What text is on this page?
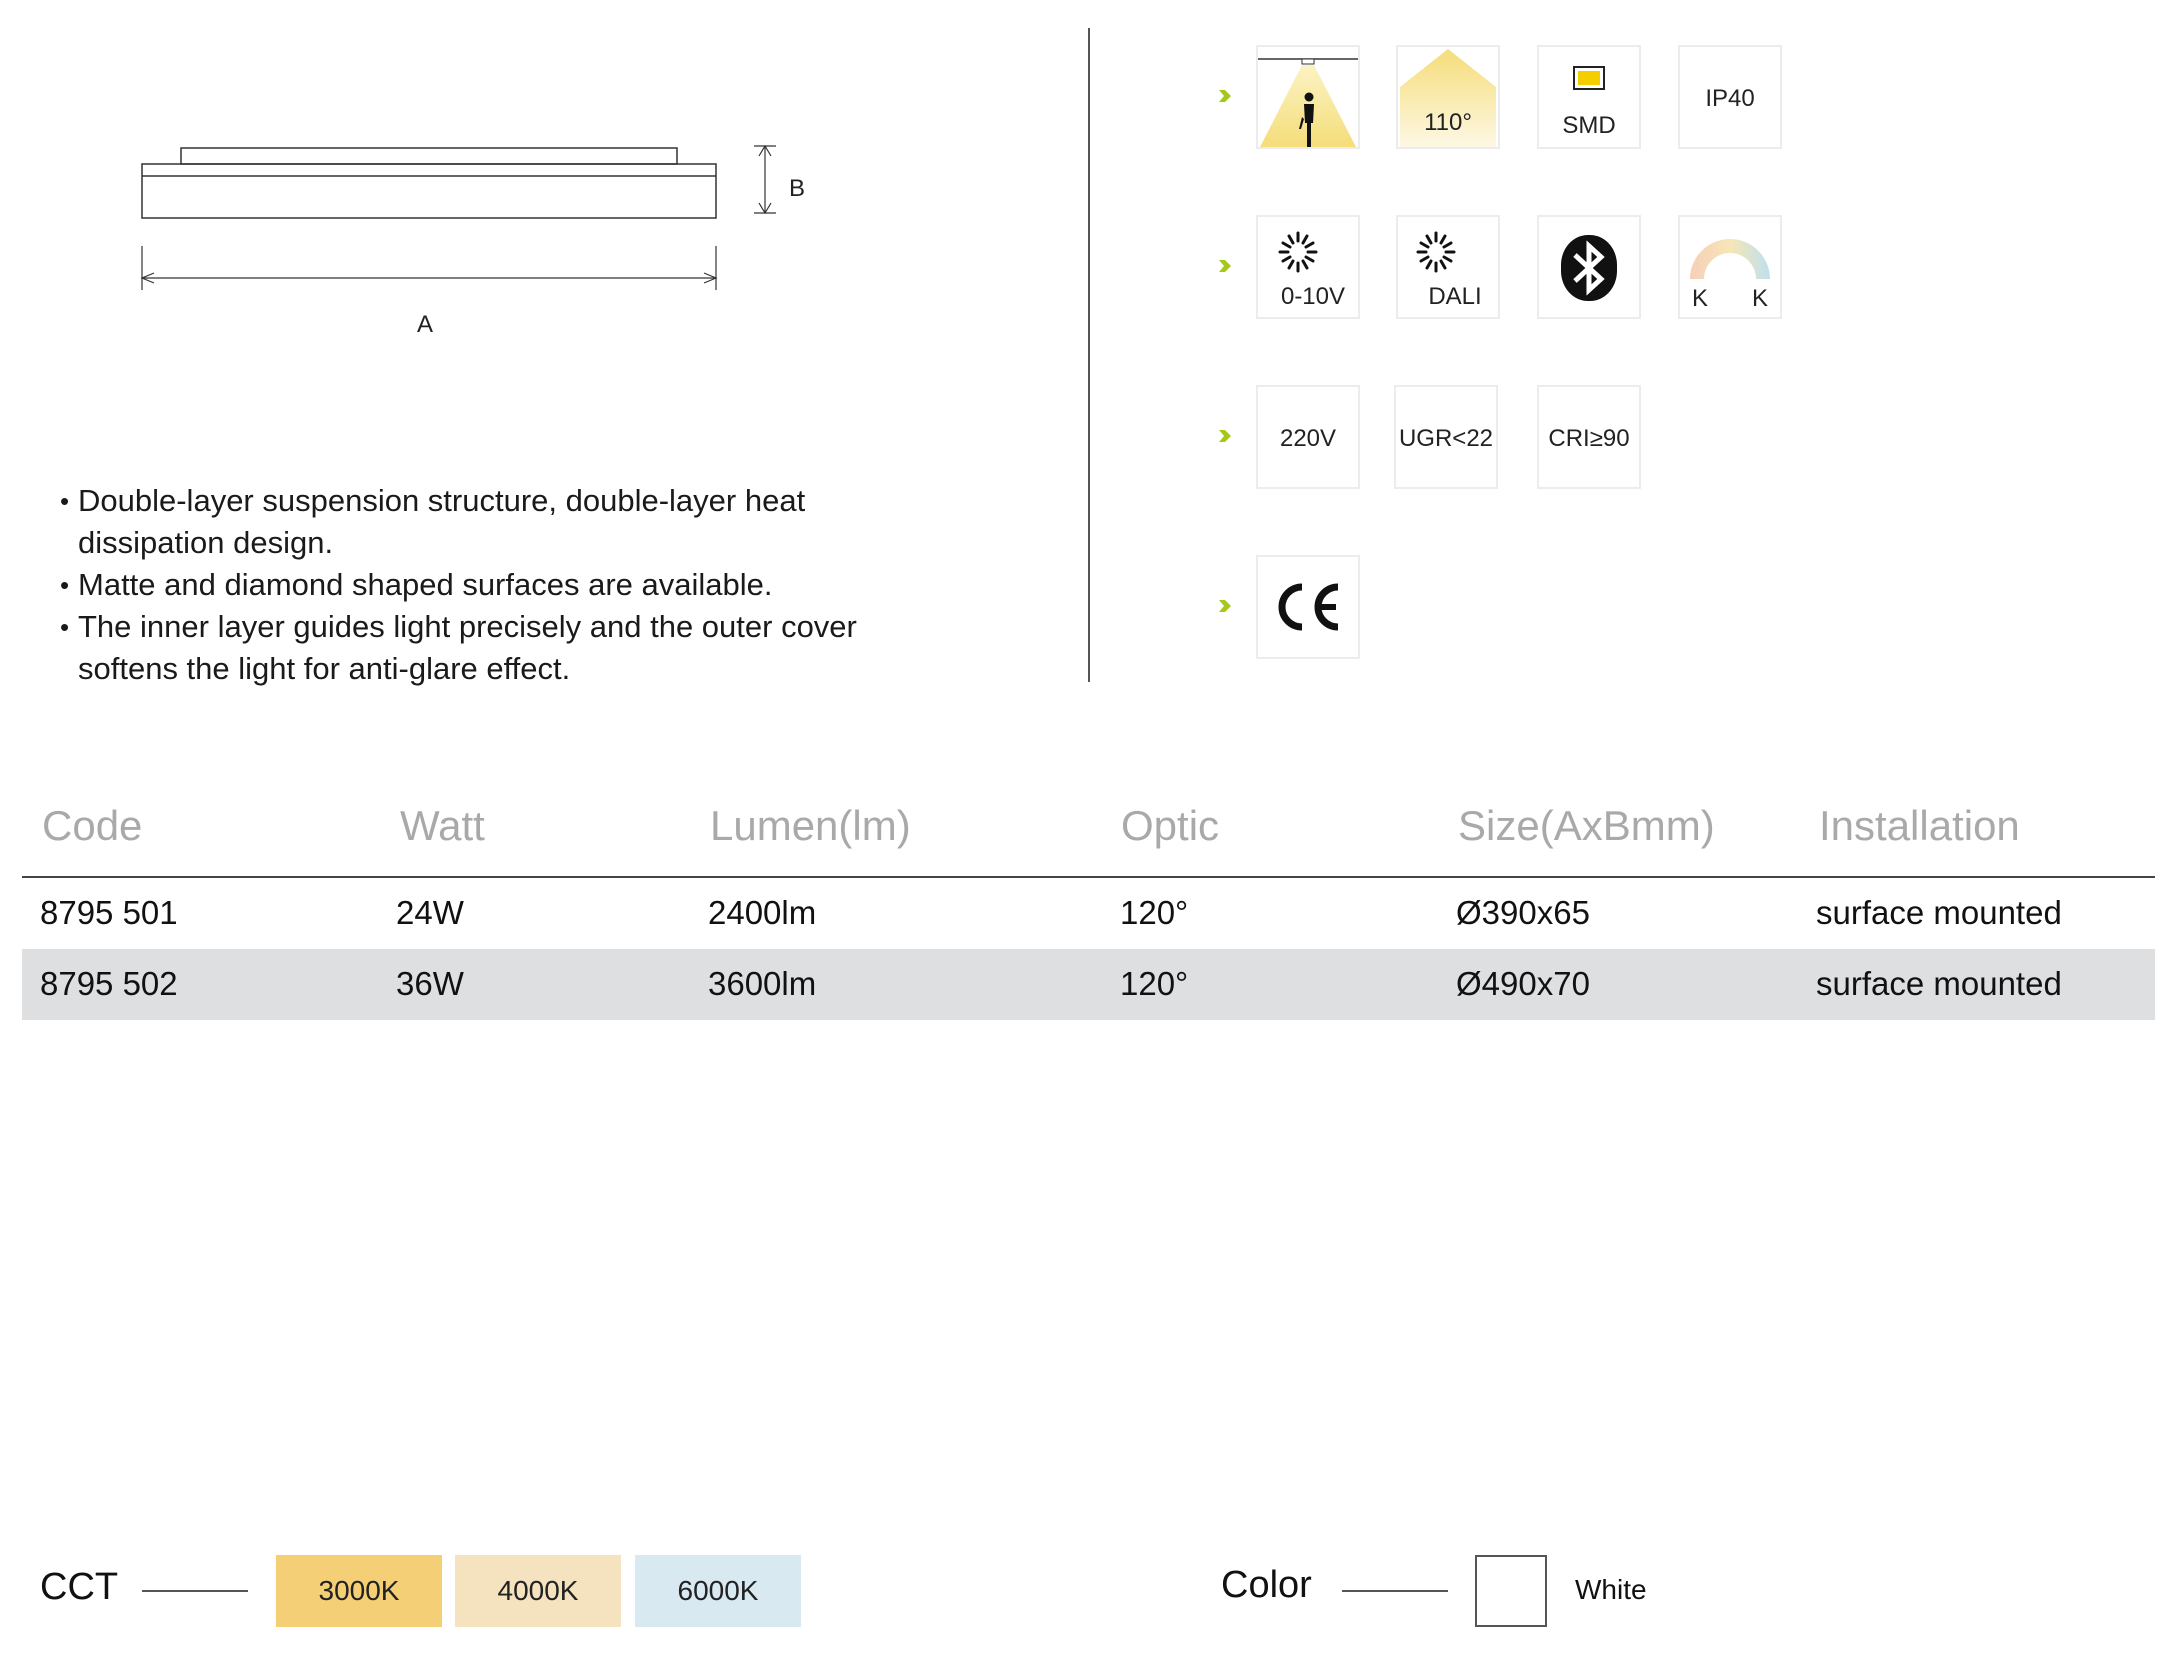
B
A
• Double-layer suspension structure, double-layer heat
dissipation design.
• Matte and diamond shaped surfaces are available.
• The inner layer guides light precisely and the outer cover
softens the light for anti-glare effect.
110°	SMD
IP40
0-10V	DALI	K K
220V	UGR<22	CRI≥90
Code	Watt	Lumen(lm)	Optic	Size(AxBmm) Installation
8795 501	24W	2400lm	120°	Ø390x65	surface mounted
8795 502	36W	3600lm	120°	Ø490x70	surface mounted
CCT	3000K	4000K	6000K	Color	White
